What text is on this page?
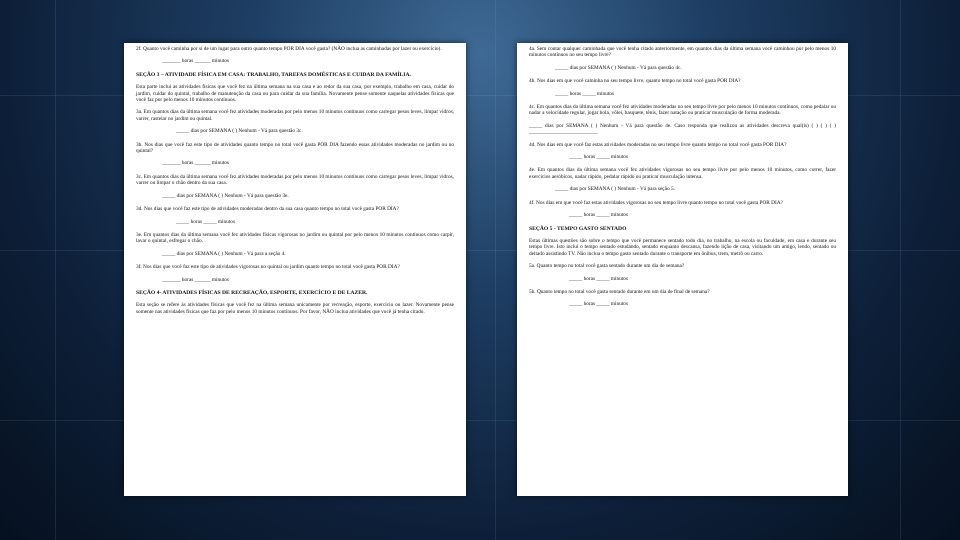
2f. Quanto você caminha por si de um lugar para outro quanto tempo POR DIA você gasta? (NÃO inclua as caminhadas por lazer ou exercício).
_______ horas ______ minutos
SEÇÃO 3 – ATIVIDADE FÍSICA EM CASA: TRABALHO, TAREFAS DOMÉSTICAS E CUIDAR DA FAMÍLIA.
Esta parte inclui as atividades físicas que você fez na última semana na sua casa e ao redor da sua casa, por exemplo, trabalho em casa, cuidar do jardim, cuidar do quintal, trabalho de manutenção da casa ou para cuidar da sua família. Novamente pense somente naquelas atividades físicas que você faz por pelo menos 10 minutos contínuos.
3a. Em quantos dias da última semana você fez atividades moderadas por pelo menos 10 minutos contínuos como carregar pesos leves, limpar vidros, varrer, rastelar no jardim ou quintal.
_____ dias por SEMANA ( ) Nenhum - Vá para questão 3c.
3b. Nos dias que você faz este tipo de atividades quanto tempo no total você gasta POR DIA fazendo essas atividades moderadas no jardim ou no quintal?
_______ horas ______ minutos
3c. Em quantos dias da última semana você fez atividades moderadas por pelo menos 10 minutos contínuos como carregar pesos leves, limpar vidros, varrer ou limpar o chão dentro da sua casa.
_____ dias por SEMANA ( ) Nenhum - Vá para questão 3e.
3d. Nos dias que você faz este tipo de atividades moderadas dentro da sua casa quanto tempo no total você gasta POR DIA?
_____ horas _____ minutos
3e. Em quantos dias da última semana você fez atividades físicas vigorosas no jardim ou quintal por pelo menos 10 minutos contínuos como carpir, lavar o quintal, esfregar o chão.
_____ dias por SEMANA ( ) Nenhum - Vá para a seção 4.
3f. Nos dias que você faz este tipo de atividades vigorosas no quintal ou jardim quanto tempo no total você gasta POR DIA?
_______ horas ______ minutos
SEÇÃO 4- ATIVIDADES FÍSICAS DE RECREAÇÃO, ESPORTE, EXERCÍCIO E DE LAZER.
Esta seção se refere às atividades físicas que você fez na última semana unicamente por recreação, esporte, exercício ou lazer. Novamente pense somente nas atividades físicas que faz por pelo menos 10 minutos contínuos. Por favor, NÃO inclua atividades que você já tenha citado.
4a. Sem contar qualquer caminhada que você tenha citado anteriormente, em quantos dias da última semana você caminhou por pelo menos 10 minutos contínuos no seu tempo livre?
_____ dias por SEMANA ( ) Nenhum - Vá para questão 4c.
4b. Nos dias em que você caminha no seu tempo livre, quanto tempo no total você gasta POR DIA?
_____ horas _____ minutos
4c. Em quantos dias da última semana você fez atividades moderadas no seu tempo livre por pelo menos 10 minutos contínuos, como pedalar ou nadar a velocidade regular, jogar bola, vôlei, basquete, tênis, fazer natação ou praticar musculação de forma moderada.
_____ dias por SEMANA ( ) Nenhum - Vá para questão 4e. Caso responda que realizou as atividades descreva qual(is) ( ) ( ) ( ) __________________________
4d. Nos dias em que você faz estas atividades moderadas no seu tempo livre quanto tempo no total você gasta POR DIA?
_____ horas _____ minutos
4e. Em quantos dias da última semana você fez atividades vigorosas no seu tempo livre por pelo menos 10 minutos, como correr, fazer exercícios aeróbicos, nadar rápido, pedalar rápido ou praticar musculação intensa.
_____ dias por SEMANA ( ) Nenhum - Vá para seção 5.
4f. Nos dias em que você faz estas atividades vigorosas no seu tempo livre quanto tempo no total você gasta POR DIA?
_____ horas _____ minutos
SEÇÃO 5 - TEMPO GASTO SENTADO
Estas últimas questões são sobre o tempo que você permanece sentado todo dia, no trabalho, na escola ou faculdade, em casa e durante seu tempo livre. Isto inclui o tempo sentado estudando, sentado enquanto descansa, fazendo lição de casa, visitando um amigo, lendo, sentado ou deitado assistindo TV. Não inclua o tempo gasto sentado durante o transporte em ônibus, trem, metrô ou carro.
5a. Quanto tempo no total você gasta sentado durante um dia de semana?
_____ horas _____ minutos
5b. Quanto tempo no total você gasta sentado durante em um dia de final de semana?
_____ horas _____ minutos
